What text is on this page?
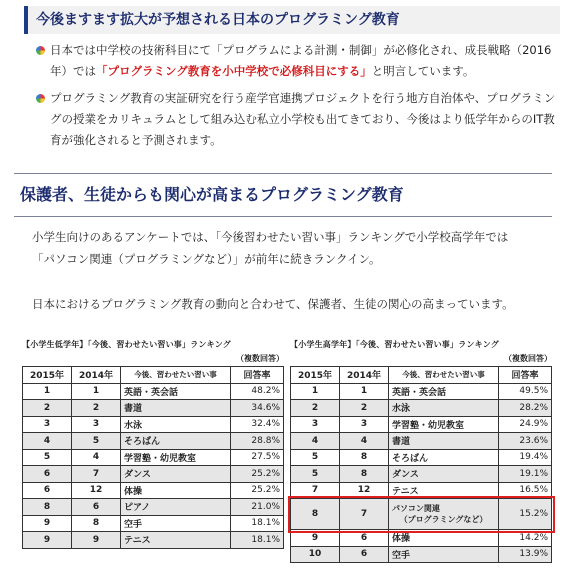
今後ますます拡大が予想される日本のプログラミング教育
日本では中学校の技術科目にて「プログラムによる計測・制御」が必修化され、成長戦略（2016年）では「プログラミング教育を小中学校で必修科目にする」と明言しています。
プログラミング教育の実証研究を行う産学官連携プロジェクトを行う地方自治体や、プログラミングの授業をカリキュラムとして組み込む私立小学校も出てきており、今後はより低学年からのIT教育が強化されると予測されます。
保護者、生徒からも関心が高まるプログラミング教育
小学生向けのあるアンケートでは、「今後習わせたい習い事」ランキングで小学校高学年では
「パソコン関連（プログラミングなど）」が前年に続きランクイン。
日本におけるプログラミング教育の動向と合わせて、保護者、生徒の関心の高まっています。
【小学生低学年】「今後、習わせたい習い事」ランキング
（複数回答）
2015年	2014年	今後、習わせたい習い事	回答率
1	1	英語・英会話	48.2%
2	2	書道	34.6%
3	3	水泳	32.4%
4	5	そろばん	28.8%
5	4	学習塾・幼児教室	27.5%
6	7	ダンス	25.2%
6	12	体操	25.2%
8	6	ピアノ	21.0%
9	8	空手	18.1%
9	9	テニス	18.1%
【小学生高学年】「今後、習わせたい習い事」ランキング
（複数回答）
2015年	2014年	今後、習わせたい習い事	回答率
1	1	英語・英会話	49.5%
2	2	水泳	28.2%
3	3	学習塾・幼児教室	24.9%
4	4	書道	23.6%
5	8	そろばん	19.4%
5	8	ダンス	19.1%
7	12	テニス	16.5%
8	7	パソコン関連
（プログラミングなど）	15.2%
9	6	体操	14.2%
10	6	空手	13.9%
